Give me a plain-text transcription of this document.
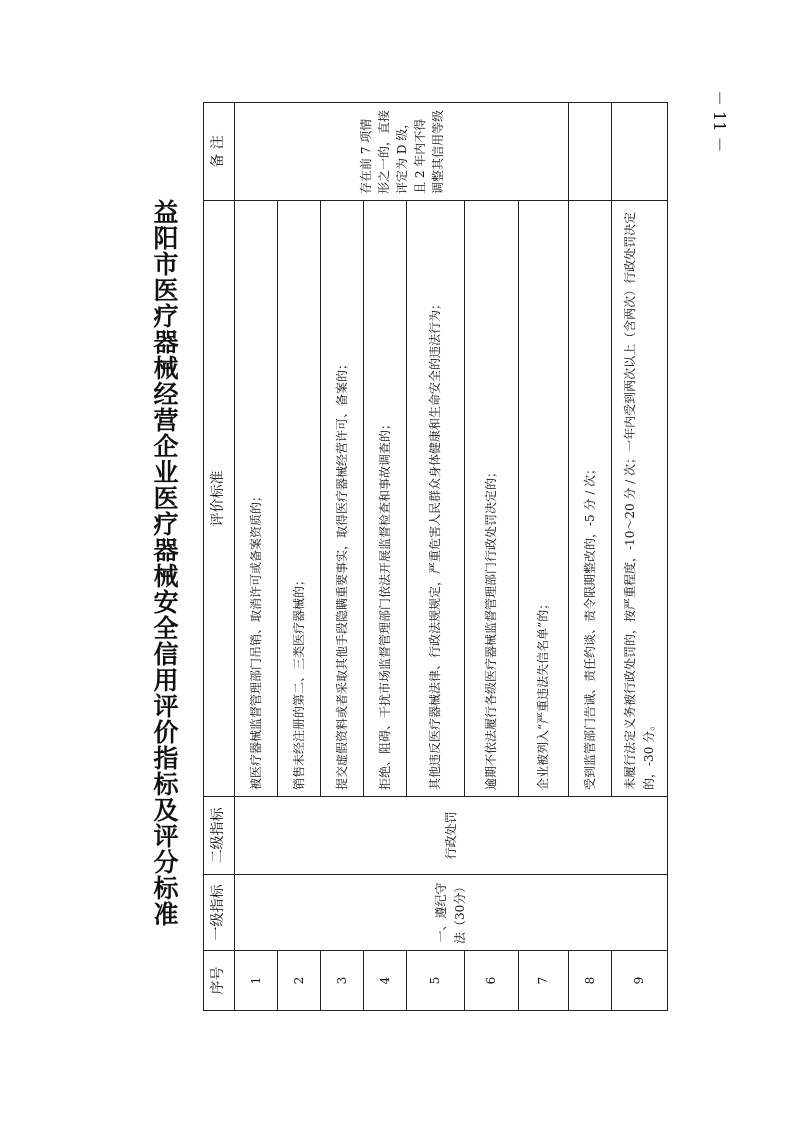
益阳市医疗器械经营企业医疗器械安全信用评价指标及评分标准
－ 11 －
序号	一级指标	二级指标	评价标准	备 注
1	一、遵纪守法（30分）	行政处罚	被医疗器械监督管理部门吊销、取消许可或备案资质的；	存在前 7 项情形之一的，直接评定为 D 级，且 2 年内不得调整其信用等级
2			销售未经注册的第二、三类医疗器械的；	
3			提交虚假资料或者采取其他手段隐瞒重要事实，取得医疗器械经营许可、备案的；	
4			拒绝、阻碍、干扰市场监督管理部门依法开展监督检查和事故调查的；	
5			其他违反医疗器械法律、行政法规规定，严重危害人民群众身体健康和生命安全的违法行为；	
6			逾期不依法履行各级医疗器械监督管理部门行政处罚决定的；	
7			企业被列入“严重违法失信名单”的；	
8			受到监管部门告诫、责任约谈、责令限期整改的，-5 分 / 次；	
9			未履行法定义务被行政处罚的，按严重程度，-10～20 分 / 次；一年内受到两次以上（含两次）行政处罚决定的，-30 分。	
